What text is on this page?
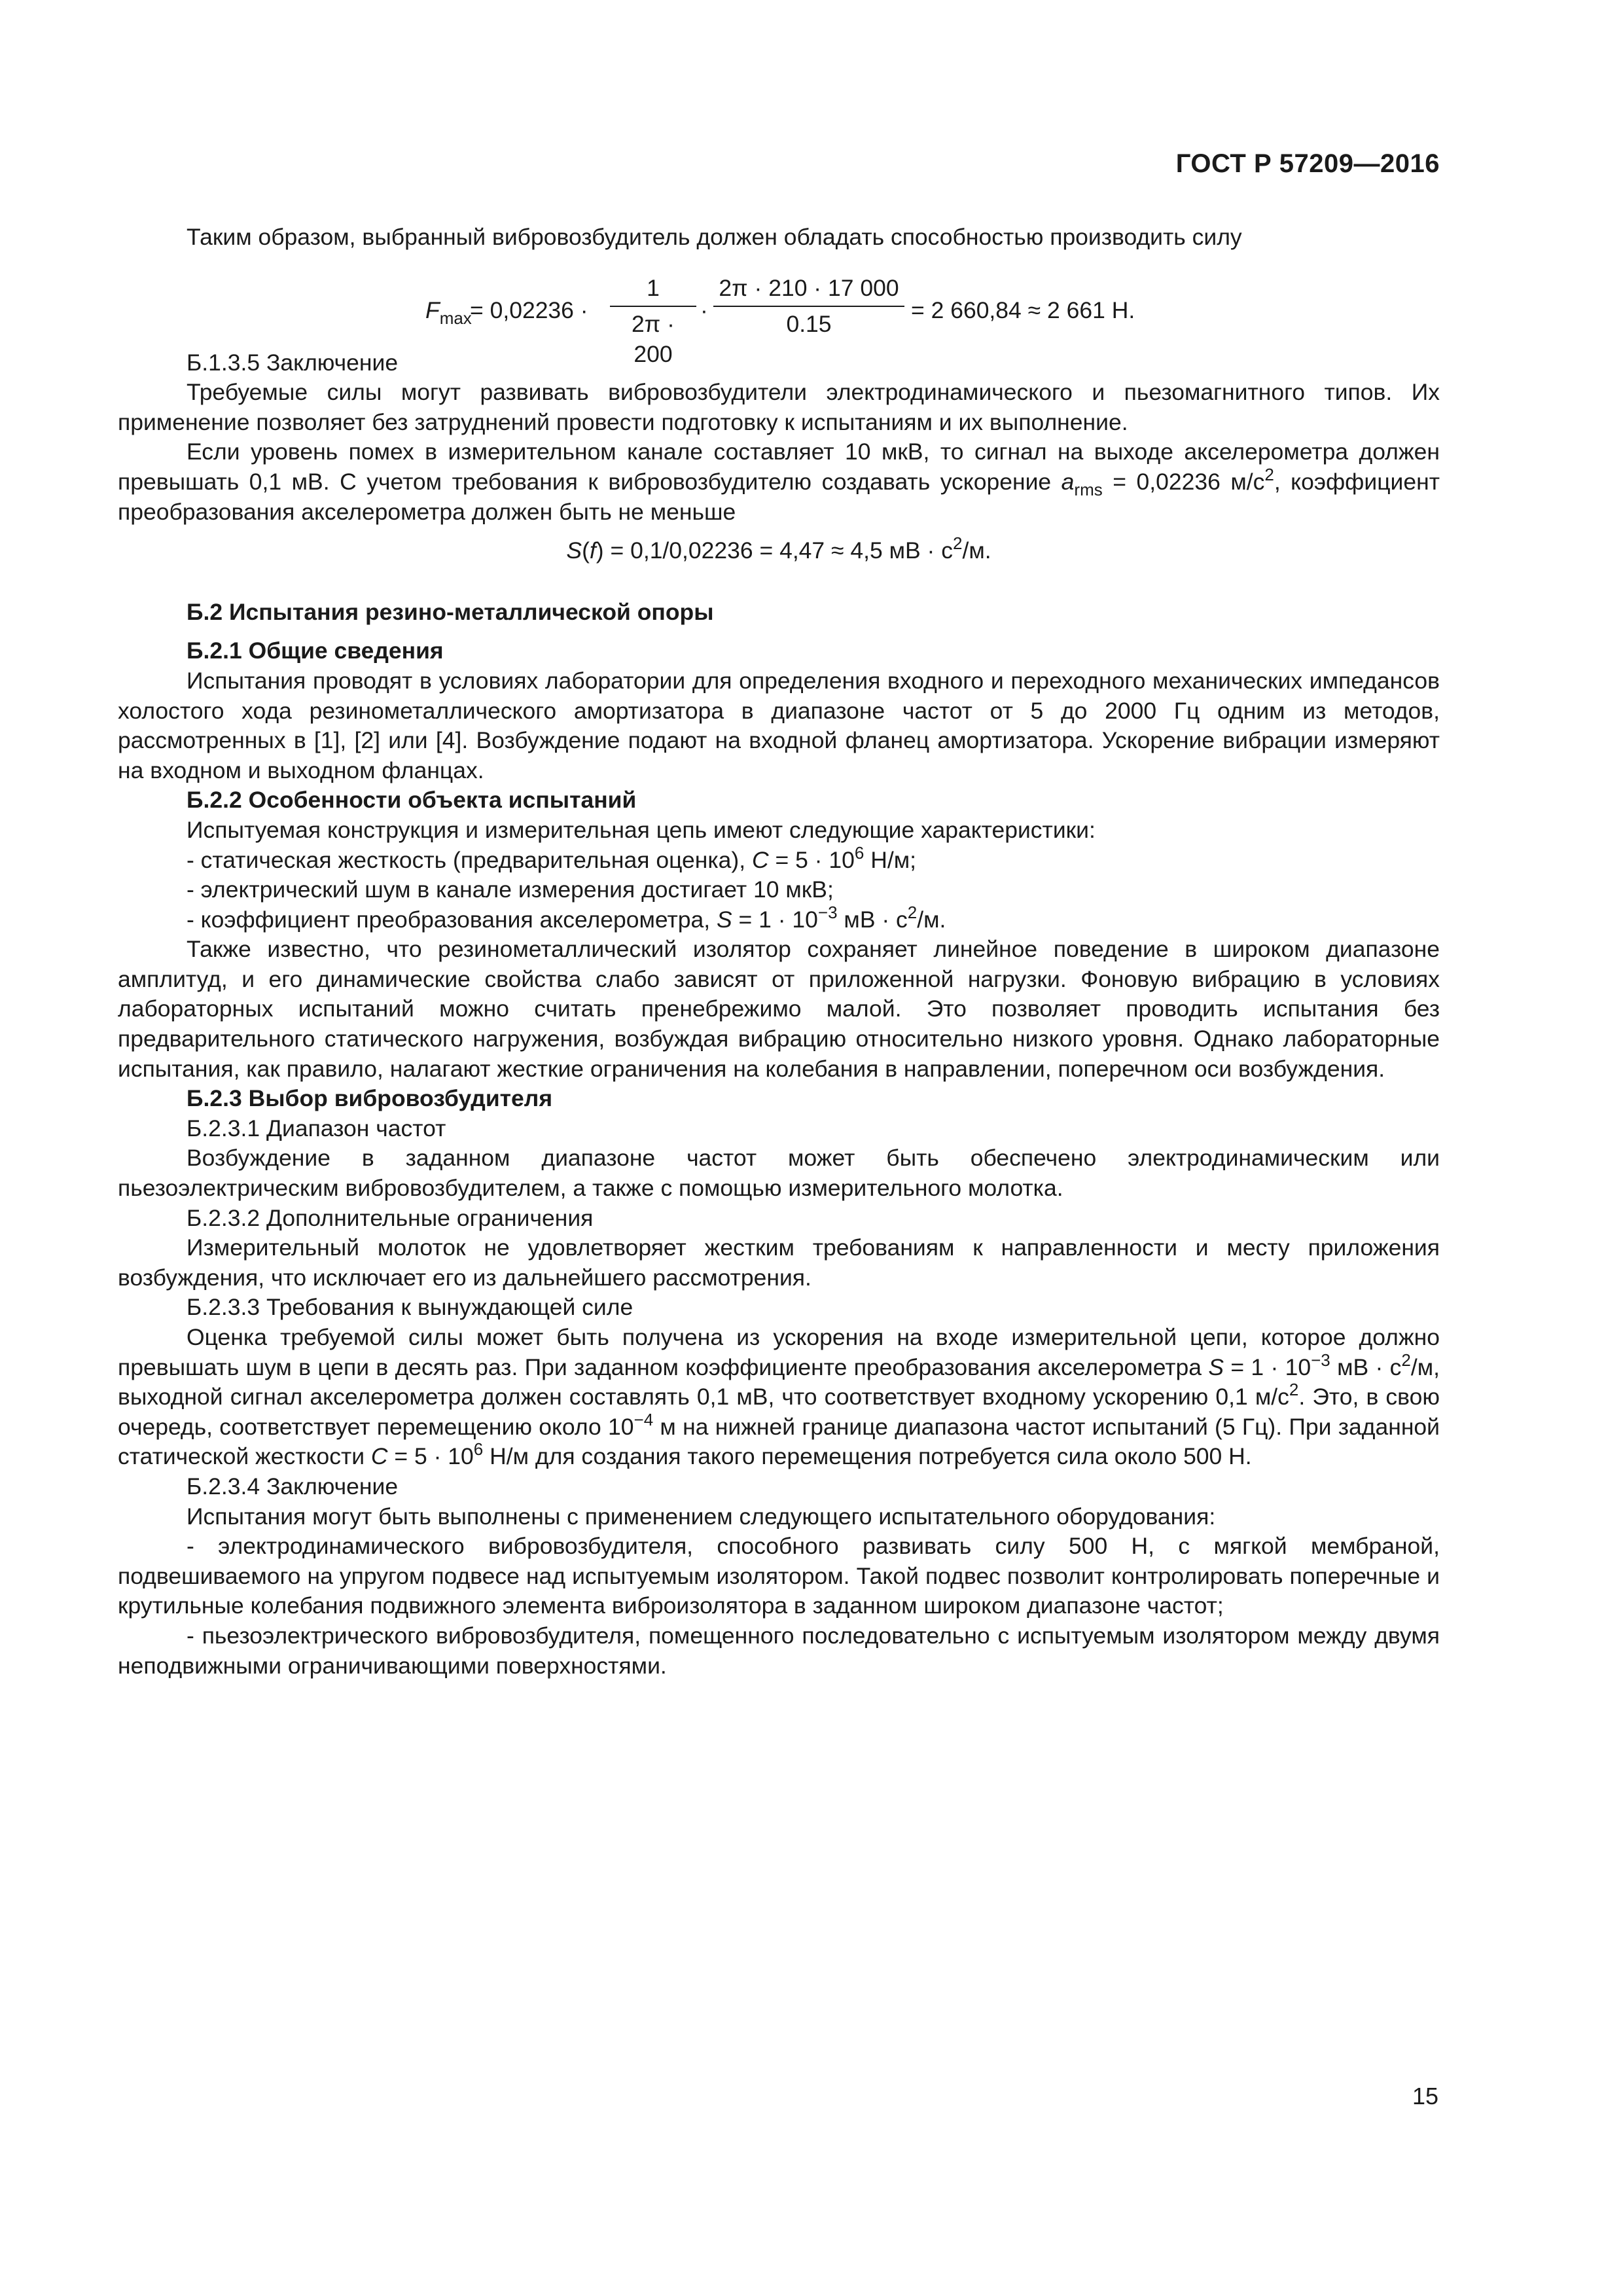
ГОСТ Р 57209—2016

Таким образом, выбранный вибровозбудитель должен обладать способностью производить силу

$F_{max}$
= $0,02236 \cdot \frac{1}{2\pi \cdot 200} \cdot \frac{2\pi \cdot 210 \cdot 17 000}{0.15} = 2$ 660,84 ≈ 2 661 Н.

Б.1.3.5 Заключение

Требуемые силы могут развивать вибровозбудители электродинамического и пьезомагнитного типов. Их применение позволяет без затруднений провести подготовку к испытаниям и их выполнение.

Если уровень помех в измерительном канале составляет 10 мкВ, то сигнал на выходе акселерометра должен превышать 0,1 мВ. С учетом требования к вибровозбудителю создавать ускорение $a_{rms} = 0,02236$ $м/с^2$, коэффициент преобразования акселерометра должен быть не меньше

S(f) = 0,1/0,02236 = 4,47 ≈ 4,5 мВ · $с^2/м$.

Б.2 Испытания резино-металлической опоры

Б.2.1 Общие сведения

Испытания проводят в условиях лаборатории для определения входного и переходного механических импедансов холостого хода резинометаллического амортизатора в диапазоне частот от 5 до 2000 Гц одним из методов, рассмотренных в [1], [2] или [4]. Возбуждение подают на входной фланец амортизатора. Ускорение вибрации измеряют на входном и выходном фланцах.

Б.2.2 Особенности объекта испытаний

Испытуемая конструкция и измерительная цепь имеют следующие характеристики:

- статическая жесткость (предварительная оценка), $C = 5 \cdot 10^6$ Н/м;

- электрический шум в канале измерения достигает 10 мкВ;

- коэффициент преобразования акселерометра, $S = 1 \cdot 10^{-3}$ мВ · $с^2/м$.

Также известно, что резинометаллический изолятор сохраняет линейное поведение в широком диапазоне амплитуд, и его динамические свойства слабо зависят от приложенной нагрузки. Фоновую вибрацию в условиях лабораторных испытаний можно считать пренебрежимо малой. Это позволяет проводить испытания без предварительного статического нагружения, возбуждая вибрацию относительно низкого уровня. Однако лабораторные испытания, как правило, налагают жесткие ограничения на колебания в направлении, поперечном оси возбуждения.

Б.2.3 Выбор вибровозбудителя

Б.2.3.1 Диапазон частот

Возбуждение в заданном диапазоне частот может быть обеспечено электродинамическим или пьезоэлектрическим вибровозбудителем, а также с помощью измерительного молотка.

Б.2.3.2 Дополнительные ограничения

Измерительный молоток не удовлетворяет жестким требованиям к направленности и месту приложения возбуждения, что исключает его из дальнейшего рассмотрения.

Б.2.3.3 Требования к вынуждающей силе

Оценка требуемой силы может быть получена из ускорения на входе измерительной цепи, которое должно превышать шум в цепи в десять раз. При заданном коэффициенте преобразования акселерометра $S = 1 \cdot 10^{-3}$ мВ · $с^2/м$, выходной сигнал акселерометра должен составлять 0,1 мВ, что соответствует входному ускорению 0,1 $м/с^2$. Это, в свою очередь, соответствует перемещению около $10^{-4}$ м на нижней границе диапазона частот испытаний (5 Гц). При заданной статической жесткости $C = 5 \cdot 10^6$ Н/м для создания такого перемещения потребуется сила около 500 Н.

Б.2.3.4 Заключение

Испытания могут быть выполнены с применением следующего испытательного оборудования:

- электродинамического вибровозбудителя, способного развивать силу 500 Н, с мягкой мембраной, подвешиваемого на упругом подвесе над испытуемым изолятором. Такой подвес позволит контролировать поперечные и крутильные колебания подвижного элемента виброизолятора в заданном широком диапазоне частот;

- пьезоэлектрического вибровозбудителя, помещенного последовательно с испытуемым изолятором между двумя неподвижными ограничивающими поверхностями.

15
